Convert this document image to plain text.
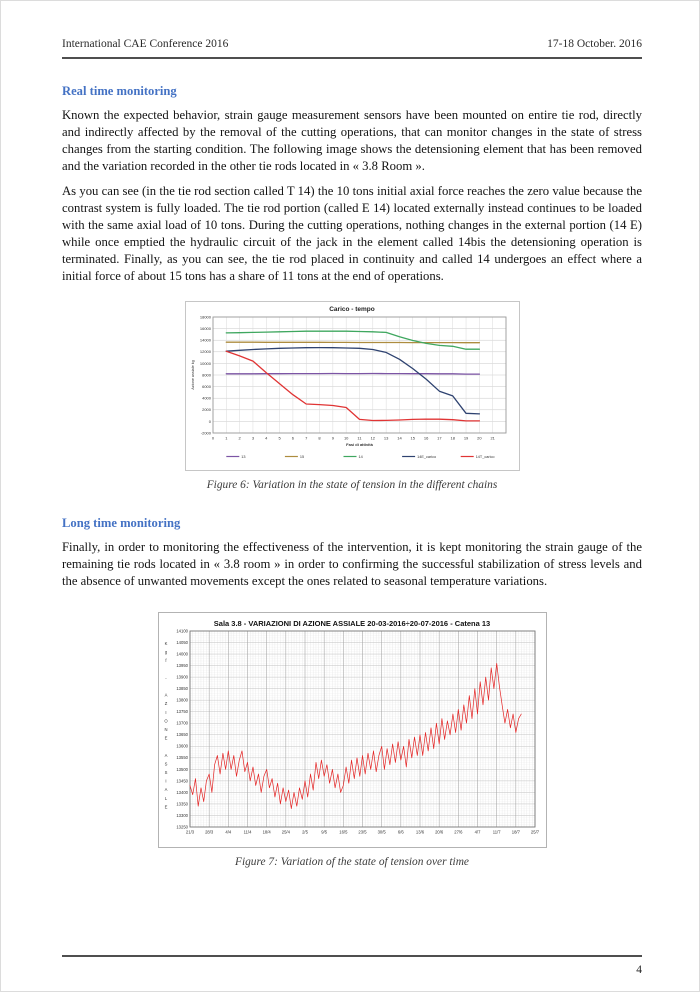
International CAE Conference 2016	17-18 October. 2016
Real time monitoring

Known the expected behavior, strain gauge measurement sensors have been mounted on entire tie rod, directly and indirectly affected by the removal of the cutting operations, that can monitor changes in the state of stress changes from the starting condition. The following image shows the detensioning element that has been removed and the variation recorded in the other tie rods located in « 3.8 Room ».

As you can see (in the tie rod section called T 14) the 10 tons initial axial force reaches the zero value because the contrast system is fully loaded. The tie rod portion (called E 14) located externally instead continues to be loaded with the same axial load of 10 tons. During the cutting operations, nothing changes in the external portion (14 E) while once emptied the hydraulic circuit of the jack in the element called 14bis the detensioning operation is terminated. Finally, as you can see, the tie rod placed in continuity and called 14 undergoes an effect where a initial force of about 15 tons has a share of 11 tons at the end of operations.

Carico - tempo
-2000
0
2000
4000
6000
8000
10000
12000
14000
16000
18000
0	1	2	3	4	5	6	7	8	9 10 11 12 13 14 15 16 17 18 19 20 21
Fasi di attività
Azione assiale kg
13	15	14	14E_carico	14T_carico
Figure 6: Variation in the state of tension in the different chains
Long time monitoring

Finally, in order to monitoring the effectiveness of the intervention, it is kept monitoring the strain gauge of the remaining tie rods located in « 3.8 room » in order to confirming the successful stabilization of stress levels and the absence of unwanted movements except the ones related to seasonal temperature variations.

Sala 3.8 - VARIAZIONI DI AZIONE ASSIALE 20-03-2016÷20-07-2016 - Catena 13
13250
13300
13350
13400
13450
13500
13550
13600
13650
13700
13750
13800
13850
13900
13950
14000
14050
14100
21/3	28/3	4/4	11/4	18/4	25/4	2/5	9/5	16/5	23/5	30/5	6/6	13/6	20/6	27/6	4/7	11/7	18/7	25/7
K
g
f
-
A
Z
I
O
N
E
A
S
S
I
A
L
E
Figure 7: Variation of the state of tension over time
4
